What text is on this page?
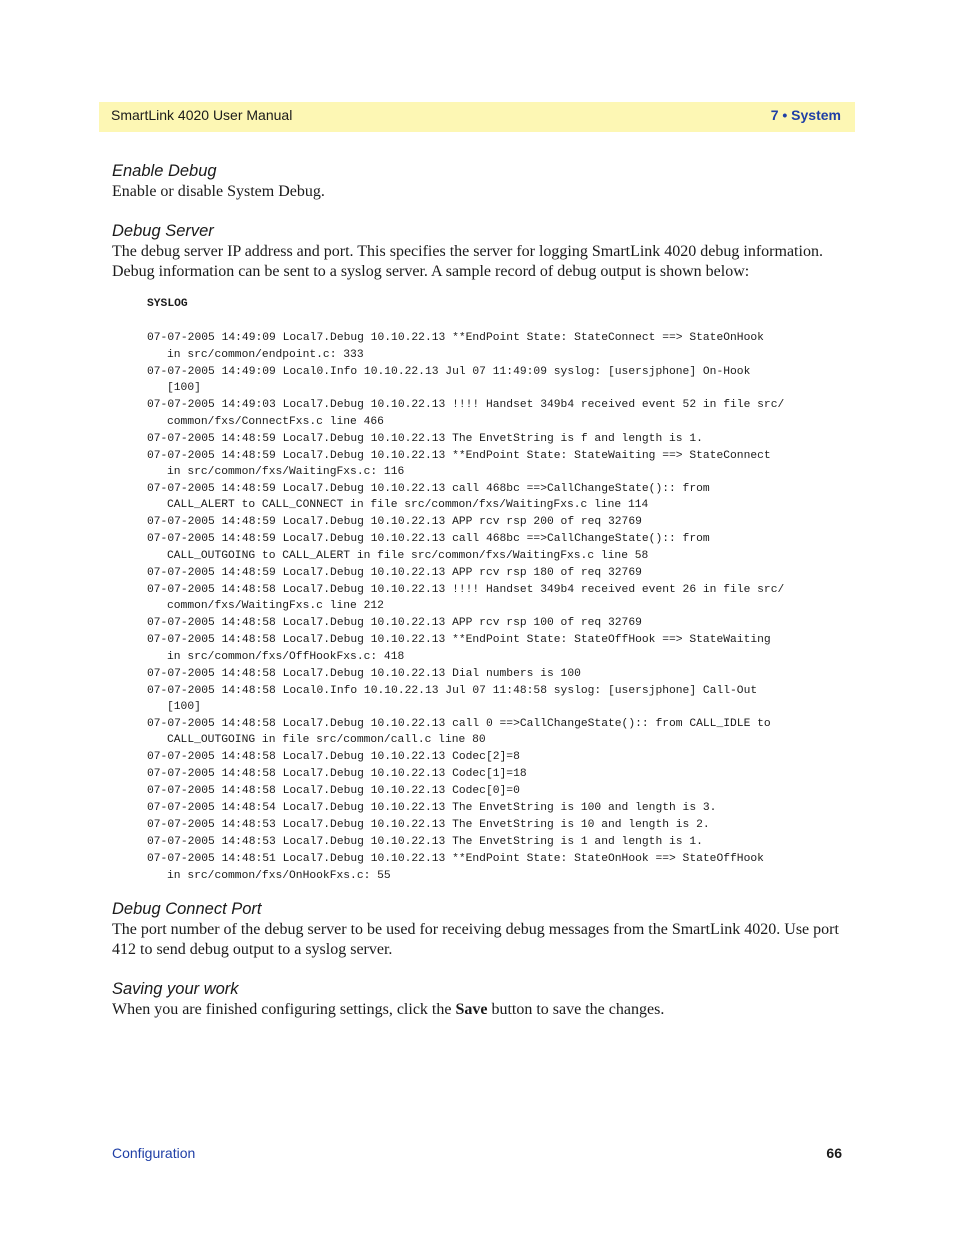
SmartLink 4020 User Manual	7 • System
Enable Debug

Enable or disable System Debug.

Debug Server

The debug server IP address and port. This specifies the server for logging SmartLink 4020 debug information. Debug information can be sent to a syslog server. A sample record of debug output is shown below:

SYSLOG
07-07-2005 14:49:09 Local7.Debug 10.10.22.13 **EndPoint State: StateConnect ==> StateOnHook
in src/common/endpoint.c: 333
07-07-2005 14:49:09 Local0.Info 10.10.22.13 Jul 07 11:49:09 syslog: [usersjphone] On-Hook
[100]
07-07-2005 14:49:03 Local7.Debug 10.10.22.13 !!!! Handset 349b4 received event 52 in file src/
common/fxs/ConnectFxs.c line 466
07-07-2005 14:48:59 Local7.Debug 10.10.22.13 The EnvetString is f and length is 1.
07-07-2005 14:48:59 Local7.Debug 10.10.22.13 **EndPoint State: StateWaiting ==> StateConnect
in src/common/fxs/WaitingFxs.c: 116
07-07-2005 14:48:59 Local7.Debug 10.10.22.13 call 468bc ==>CallChangeState():: from
CALL_ALERT to CALL_CONNECT in file src/common/fxs/WaitingFxs.c line 114
07-07-2005 14:48:59 Local7.Debug 10.10.22.13 APP rcv rsp 200 of req 32769
07-07-2005 14:48:59 Local7.Debug 10.10.22.13 call 468bc ==>CallChangeState():: from
CALL_OUTGOING to CALL_ALERT in file src/common/fxs/WaitingFxs.c line 58
07-07-2005 14:48:59 Local7.Debug 10.10.22.13 APP rcv rsp 180 of req 32769
07-07-2005 14:48:58 Local7.Debug 10.10.22.13 !!!! Handset 349b4 received event 26 in file src/
common/fxs/WaitingFxs.c line 212
07-07-2005 14:48:58 Local7.Debug 10.10.22.13 APP rcv rsp 100 of req 32769
07-07-2005 14:48:58 Local7.Debug 10.10.22.13 **EndPoint State: StateOffHook ==> StateWaiting
in src/common/fxs/OffHookFxs.c: 418
07-07-2005 14:48:58 Local7.Debug 10.10.22.13 Dial numbers is 100
07-07-2005 14:48:58 Local0.Info 10.10.22.13 Jul 07 11:48:58 syslog: [usersjphone] Call-Out
[100]
07-07-2005 14:48:58 Local7.Debug 10.10.22.13 call 0 ==>CallChangeState():: from CALL_IDLE to
CALL_OUTGOING in file src/common/call.c line 80
07-07-2005 14:48:58 Local7.Debug 10.10.22.13 Codec[2]=8
07-07-2005 14:48:58 Local7.Debug 10.10.22.13 Codec[1]=18
07-07-2005 14:48:58 Local7.Debug 10.10.22.13 Codec[0]=0
07-07-2005 14:48:54 Local7.Debug 10.10.22.13 The EnvetString is 100 and length is 3.
07-07-2005 14:48:53 Local7.Debug 10.10.22.13 The EnvetString is 10 and length is 2.
07-07-2005 14:48:53 Local7.Debug 10.10.22.13 The EnvetString is 1 and length is 1.
07-07-2005 14:48:51 Local7.Debug 10.10.22.13 **EndPoint State: StateOnHook ==> StateOffHook
in src/common/fxs/OnHookFxs.c: 55
Debug Connect Port

The port number of the debug server to be used for receiving debug messages from the SmartLink 4020. Use port 412 to send debug output to a syslog server.

Saving your work

When you are finished configuring settings, click the Save button to save the changes.

Configuration	66
